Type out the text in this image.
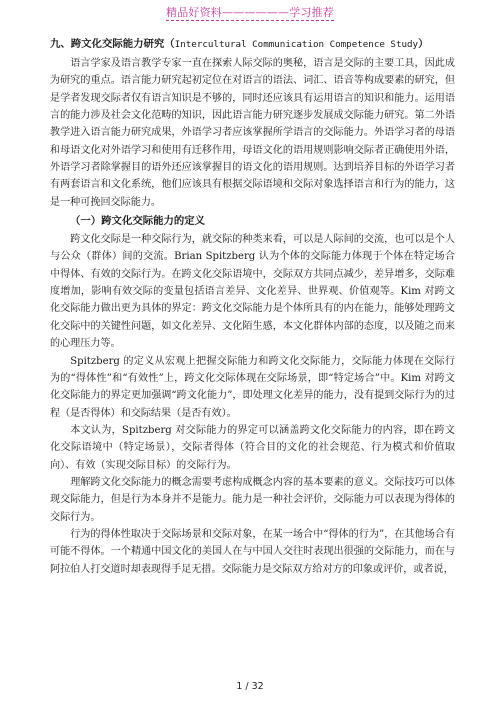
精品好资料——————学习推荐
九、跨文化交际能力研究（Intercultural Communication Competence Study）

语言学家及语言教学专家一直在探索人际交际的奥秘，语言是交际的主要工具，因此成为研究的重点。语言能力研究起初定位在对语言的语法、词汇、语音等构成要素的研究，但是学者发现交际者仅有语言知识是不够的，同时还应该具有运用语言的知识和能力。运用语言的能力涉及社会文化范畴的知识，因此语言能力研究逐步发展成交际能力研究。第二外语教学进入语言能力研究成果，外语学习者应该掌握所学语言的交际能力。外语学习者的母语和母语文化对外语学习和使用有迁移作用，母语文化的语用规则影响交际者正确使用外语，外语学习者除掌握目的语外还应该掌握目的语文化的语用规则。达到培养目标的外语学习者有两套语言和文化系统，他们应该具有根据交际语境和交际对象选择语言和行为的能力，这是一种可挽回交际能力。

（一）跨文化交际能力的定义

跨文化交际是一种交际行为，就交际的种类来看，可以是人际间的交流，也可以是个人与公众（群体）间的交流。Brian Spitzberg 认为个体的交际能力体现于个体在特定场合中得体、有效的交际行为。在跨文化交际语境中，交际双方共同点减少，差异增多，交际难度增加，影响有效交际的变量包括语言差异、文化差异、世界观、价值观等。Kim 对跨文化交际能力做出更为具体的界定：跨文化交际能力是个体所具有的内在能力，能够处理跨文化交际中的关键性问题，如文化差异、文化陌生感，本文化群体内部的态度，以及随之而来的心理压力等。

Spitzberg 的定义从宏观上把握交际能力和跨文化交际能力，交际能力体现在交际行为的“得体性”和“有效性”上，跨文化交际体现在交际场景，即“特定场合”中。Kim 对跨文化交际能力的界定更加强调“跨文化能力”，即处理文化差异的能力，没有提到交际行为的过程（是否得体）和交际结果（是否有效）。

本文认为，Spitzberg 对交际能力的界定可以涵盖跨文化交际能力的内容，即在跨文化交际语境中（特定场景），交际者得体（符合目的文化的社会规范、行为模式和价值取向）、有效（实现交际目标）的交际行为。

理解跨文化交际能力的概念需要考虑构成概念内容的基本要素的意义。交际技巧可以体现交际能力，但是行为本身并不是能力。能力是一种社会评价，交际能力可以表现为得体的交际行为。

行为的得体性取决于交际场景和交际对象，在某一场合中“得体的行为”，在其他场合有可能不得体。一个精通中国文化的美国人在与中国人交往时表现出很强的交际能力，而在与阿拉伯人打交道时却表现得手足无措。交际能力是交际双方给对方的印象或评价，或者说，

1 / 32
